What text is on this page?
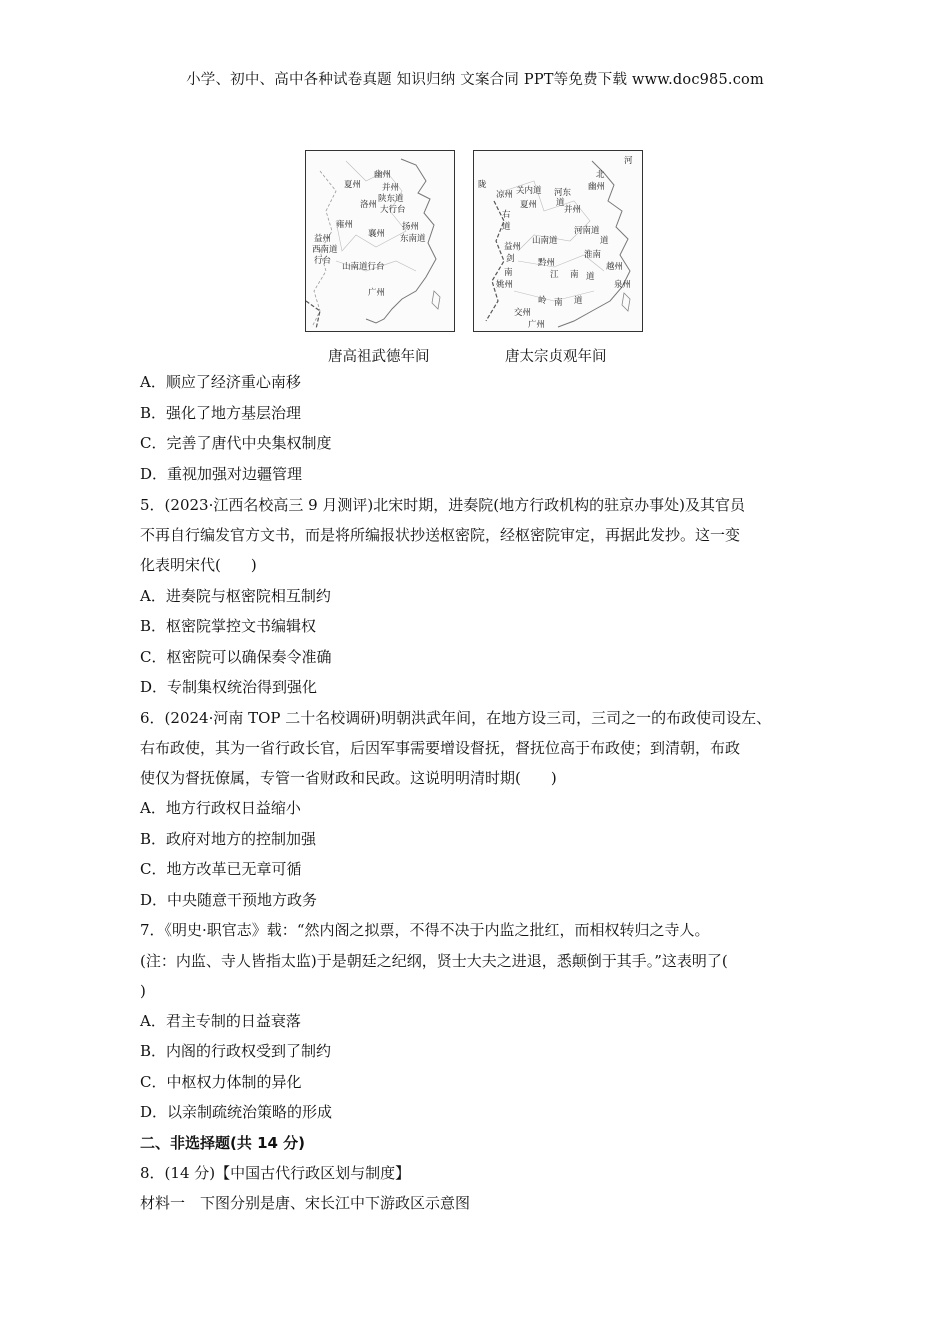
小学、初中、高中各种试卷真题 知识归纳 文案合同 PPT等免费下载 www.doc985.com
幽州
夏州 并州
陕东道
洛州 大行台
雍州
襄州
扬州
东南道
益州
西南道
行台
山南道行台
广州
河
北
陇
关内道
凉州
夏州
河东
道
并州
幽州
右
道
山南道
河南道
道
益州
剑	淮南
黔州
江 南
越州
姚州
南	道
泉州
岭 南 道
交州
广州
唐高祖武德年间	唐太宗贞观年间
A．顺应了经济重心南移
B．强化了地方基层治理
C．完善了唐代中央集权制度
D．重视加强对边疆管理
5．(2023·江西名校高三 9 月测评)北宋时期，进奏院(地方行政机构的驻京办事处)及其官员
不再自行编发官方文书，而是将所编报状抄送枢密院，经枢密院审定，再据此发抄。这一变
化表明宋代(　　)
A．进奏院与枢密院相互制约
B．枢密院掌控文书编辑权
C．枢密院可以确保奏令准确
D．专制集权统治得到强化
6．(2024·河南 TOP 二十名校调研)明朝洪武年间，在地方设三司，三司之一的布政使司设左、
右布政使，其为一省行政长官，后因军事需要增设督抚，督抚位高于布政使；到清朝，布政
使仅为督抚僚属，专管一省财政和民政。这说明明清时期(　　)
A．地方行政权日益缩小
B．政府对地方的控制加强
C．地方改革已无章可循
D．中央随意干预地方政务
7．《明史·职官志》载：“然内阁之拟票，不得不决于内监之批红，而相权转归之寺人。
(注：内监、寺人皆指太监)于是朝廷之纪纲，贤士大夫之进退，悉颠倒于其手。”这表明了(
)
A．君主专制的日益衰落
B．内阁的行政权受到了制约
C．中枢权力体制的异化
D．以亲制疏统治策略的形成
二、非选择题(共 14 分)
8．(14 分)【中国古代行政区划与制度】
材料一　下图分别是唐、宋长江中下游政区示意图
